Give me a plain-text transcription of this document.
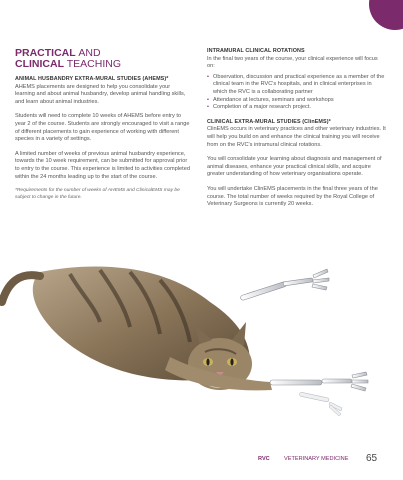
PRACTICAL AND
CLINICAL TEACHING

ANIMAL HUSBANDRY EXTRA-MURAL STUDIES (AHEMS)*

AHEMS placements are designed to help you consolidate your learning and about animal husbandry, develop animal handling skills, and learn about animal industries.

Students will need to complete 10 weeks of AHEMS before entry to year 2 of the course. Students are strongly encouraged to visit a range of different placements to gain experience of working with different species in a variety of settings.

A limited number of weeks of previous animal husbandry experience, towards the 10 week requirement, can be submitted for approval prior to entry to the course. This experience is limited to activities completed within the 24 months leading up to the start of the course.

*Requirements for the number of weeks of AHEMS and ClinicalEMS may be subject to change in the future.

INTRAMURAL CLINICAL ROTATIONS

In the final two years of the course, your clinical experience will focus on:

• Observation, discussion and practical experience as a member of the clinical team in the RVC's hospitals, and in clinical enterprises in which the RVC is a collaborating partner

• Attendance at lectures, seminars and workshops

• Completion of a major research project.

CLINICAL EXTRA-MURAL STUDIES (CIinEMS)*

ClinEMS occurs in veterinary practices and other veterinary industries. It will help you build on and enhance the clinical training you will receive from on the RVC's intramural clinical rotations.

You will consolidate your learning about diagnosis and management of animal diseases, enhance your practical clinical skills, and acquire greater understanding of how veterinary organisations operate.

You will undertake ClinEMS placements in the final three years of the course. The total number of weeks required by the Royal College of Veterinary Surgeons is currently 20 weeks.

RVC	VETERINARY MEDICINE 65
